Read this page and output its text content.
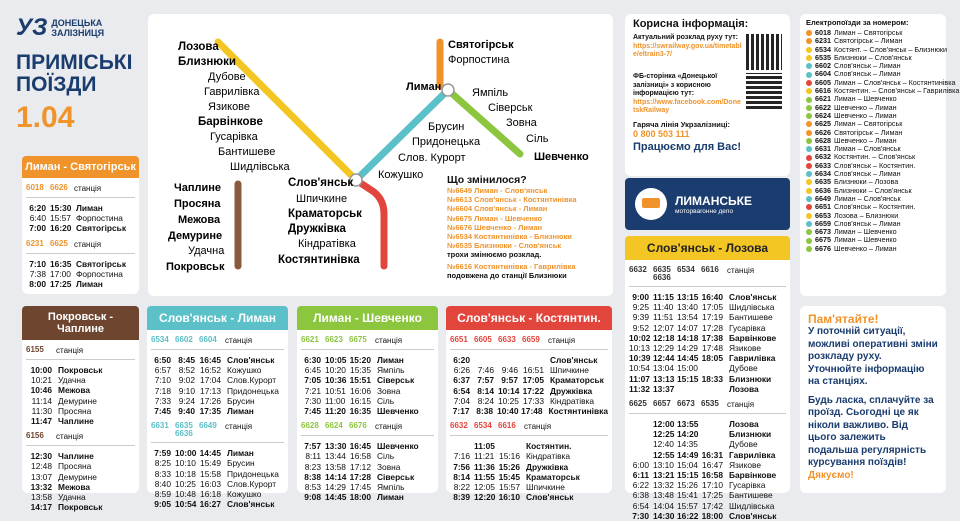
УЗ ДОНЕЦЬКА
ЗАЛІЗНИЦЯ
ПРИМІСЬКІ
ПОЇЗДИ
1.04
Лозова
Близнюки
Дубове
Гаврилівка
Язикове
Барвінкове
Гусарівка
Бантишеве
Шидлівська
Слов'янськ
Шпичкине
Краматорськ
Дружківка
Кіндратівка
Костянтинівка
Чаплине
Просяна
Межова
Демурине
Удачна
Покровськ
Святогірськ
Форпостина
Лиман	Ямпіль
Сіверськ
Зовна
Сіль
Шевченко
Брусин
Придонецька
Слов. Курорт
Кожушко Що змінилося?
№6649 Лиман - Слов'янськ
№6613 Слов'янськ - Костянтинівка
№6604 Слов'янськ - Лиман
№6675 Лиман - Шевченко
№6676 Шевченко - Лиман
№6534 Костянтинівка - Близнюки
№6535 Близнюки - Слов'янськ
трохи змінюємо розклад.
№6616 Костянтинівка - Гаврилівка
подовжена до станції Близнюки
Корисна інформація:
Актуальний розклад руху тут:
https://swrailway.gov.ua/timetable/eltrain3-7/
ФБ-сторінка «Донецької залізниці» з корисною інформацією тут:
https://www.facebook.com/DonetskRailway
Гаряча лінія Укрзалізниці:
0 800 503 111
Працюємо для Вас!
ЛИМАНСЬКЕ
моторвагонне депо
Електропоїзди за номером:
6018 Лиман – Святогірськ
6231 Святогірськ – Лиман
6534 Костянт. – Слов'янськ – Близнюки
6535 Близнюки – Слов'янськ
6602 Слов'янськ – Лиман
6604 Слов'янськ – Лиман
6605 Лиман – Слов'янськ – Костянтинівка
6616 Костянтин. – Слов'янськ – Гаврилівка
6621 Лиман – Шевченко
6622 Шевченко – Лиман
6624 Шевченко – Лиман
6625 Лиман – Святогірськ
6626 Святогірськ – Лиман
6628 Шевченко – Лиман
6631 Лиман – Слов'янськ
6632 Костянтин. – Слов'янськ
6633 Слов'янськ – Костянтин.
6634 Слов'янськ – Лиман
6635 Близнюки – Лозова
6636 Близнюки – Слов'янськ
6649 Лиман – Слов'янськ
6651 Слов'янськ – Костянтин.
6653 Лозова – Близнюки
6659 Слов'янськ – Лиман
6673 Лиман – Шевченко
6675 Лиман – Шевченко
6676 Шевченко – Лиман
Лиман - Святогірськ
6018 6626 станція
6:20 15:30 Лиман
6:40 15:57 Форпостина
7:00 16:20 Святогірськ
6231 6625 станція
7:10 16:35 Святогірськ
7:38 17:00 Форпостина
8:00 17:25 Лиман
Покровськ - Чаплине
6155	станція
10:00 Покровськ
10:21 Удачна
10:46 Межова
11:14 Демурине
11:30 Просяна
11:47 Чаплине
6156	станція
12:30 Чаплине
12:48 Просяна
13:07 Демурине
13:32 Межова
13:58 Удачна
14:17 Покровськ
Слов'янськ - Лиман
6534 6602 6604	станція
6:50 8:45 16:45 Слов'янськ
6:57 8:52 16:52 Кожушко
7:10 9:02 17:04 Слов.Курорт
7:18 9:10 17:13 Придонецька
7:33 9:24 17:26 Брусин
7:45 9:40 17:35 Лиман
6631 6635 6636
6649	станція
7:59 10:00 14:45 Лиман
8:25 10:10 15:49 Брусин
8:33 10:18 15:58 Придонецька
8:40 10:25 16:03 Слов.Курорт
8:59 10:48 16:18 Кожушко
9:05 10:54 16:27 Слов'янськ
Лиман - Шевченко
6621 6623 6675	станція
6:30 10:05 15:20 Лиман
6:45 10:20 15:35 Ямпіль
7:05 10:36 15:51 Сіверськ
7:21 10:51 16:06 Зовна
7:30 11:00 16:15 Сіль
7:45 11:20 16:35 Шевченко
6628 6624 6676	станція
7:57 13:30 16:45 Шевченко
8:11 13:44 16:58 Сіль
8:23 13:58 17:12 Зовна
8:38 14:14 17:28 Сіверськ
8:53 14:29 17:45 Ямпіль
9:08 14:45 18:00 Лиман
Слов'янськ - Костянтин.
6651 6605 6633 6659	станція
6:20	Слов'янськ
6:26 7:46 9:46 16:51 Шпичкине
6:37 7:57 9:57 17:05 Краматорськ
6:54 8:14 10:14 17:22 Дружківка
7:04 8:24 10:25 17:33 Кіндратівка
7:17 8:38 10:40 17:48 Костянтинівка
6632 6534 6616	станція
11:05	Костянтин.
7:16 11:21 15:16 Кіндратівка
7:56 11:36 15:26 Дружківка
8:14 11:55 15:45 Краматорськ
8:22 12:05 15:57 Шпичкине
8:39 12:20 16:10 Слов'янськ
Слов'янськ - Лозова
6632 6635 6636
6534 6616	станція
9:00 11:15 13:15 16:40 Слов'янськ
9:25 11:40 13:40 17:05 Шидлівська
9:39 11:51 13:54 17:19 Бантишеве
9:52 12:07 14:07 17:28 Гусарівка
10:02 12:18 14:18 17:38 Барвінкове
10:13 12:29 14:29 17:48 Язикове
10:39 12:44 14:45 18:05 Гаврилівка
10:54 13:04 15:00	Дубове
11:07 13:13 15:15 18:33 Близнюки
11:32 13:37	Лозова
6625 6657 6673 6535	станція
12:00 13:55	Лозова
12:25 14:20	Близнюки
12:40 14:35	Дубове
12:55 14:49 16:31 Гаврилівка
6:00 13:10 15:04 16:47 Язикове
6:11 13:21 15:15 16:58 Барвінкове
6:22 13:32 15:26 17:10 Гусарівка
6:38 13:48 15:41 17:25 Бантишеве
6:54 14:04 15:57 17:42 Шидлівська
7:30 14:30 16:22 18:00 Слов'янськ
Пам'ятайте!
У поточній ситуації, можливі оперативні зміни розкладу руху. Уточнюйте інформацію на станціях.
Будь ласка, сплачуйте за проїзд. Сьогодні це як ніколи важливо. Від цього залежить подальша регулярність курсування поїздів!
Дякуємо!
